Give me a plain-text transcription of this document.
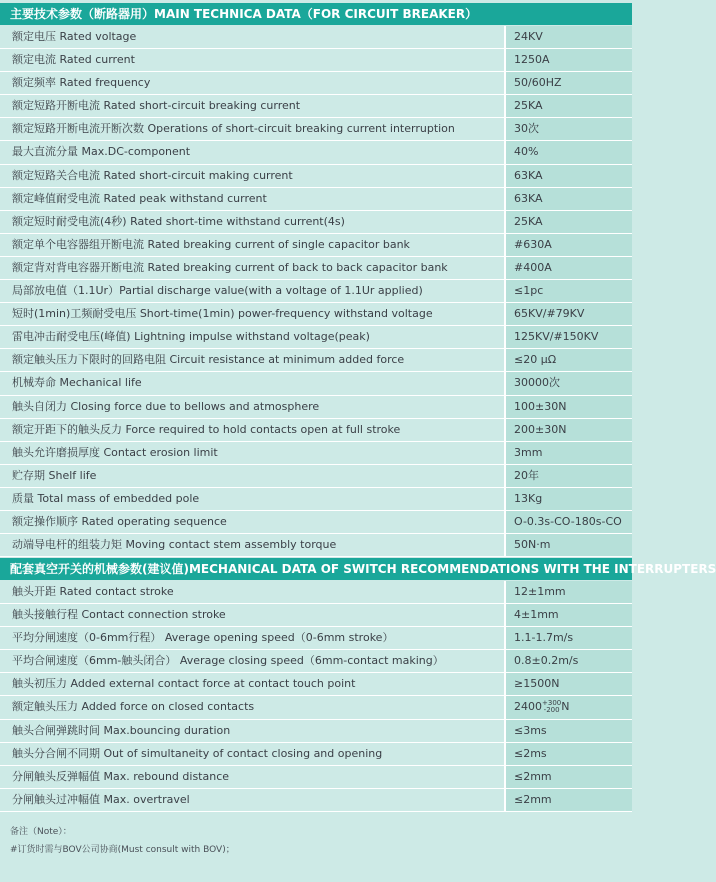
主要技术参数（断路器用）MAIN TECHNICA DATA（FOR CIRCUIT BREAKER）
额定电压 Rated voltage	24KV
额定电流 Rated current	1250A
额定频率 Rated frequency	50/60HZ
额定短路开断电流 Rated short-circuit breaking current	25KA
额定短路开断电流开断次数 Operations of short-circuit breaking current interruption	30次
最大直流分量 Max.DC-component	40%
额定短路关合电流 Rated short-circuit making current	63KA
额定峰值耐受电流 Rated peak withstand current	63KA
额定短时耐受电流(4秒) Rated short-time withstand current(4s)	25KA
额定单个电容器组开断电流 Rated breaking current of single capacitor bank	#630A
额定背对背电容器开断电流 Rated breaking current of back to back capacitor bank	#400A
局部放电值（1.1Ur）Partial discharge value(with a voltage of 1.1Ur applied)	≤1pc
短时(1min)工频耐受电压 Short-time(1min) power-frequency withstand voltage	65KV/#79KV
雷电冲击耐受电压(峰值) Lightning impulse withstand voltage(peak)	125KV/#150KV
额定触头压力下限时的回路电阻 Circuit resistance at minimum added force	≤20 μΩ
机械寿命 Mechanical life	30000次
触头自闭力 Closing force due to bellows and atmosphere	100±30N
额定开距下的触头反力 Force required to hold contacts open at full stroke	200±30N
触头允许磨损厚度 Contact erosion limit	3mm
贮存期 Shelf life	20年
质量 Total mass of embedded pole	13Kg
额定操作顺序 Rated operating sequence	O-0.3s-CO-180s-CO
动端导电杆的组装力矩 Moving contact stem assembly torque	50N·m
配套真空开关的机械参数(建议值)MECHANICAL DATA OF SWITCH RECOMMENDATIONS WITH THE INTERRUPTERS
触头开距 Rated contact stroke	12±1mm
触头接触行程 Contact connection stroke	4±1mm
平均分闸速度（0-6mm行程） Average opening speed（0-6mm stroke）	1.1-1.7m/s
平均合闸速度（6mm-触头闭合） Average closing speed（6mm-contact making）	0.8±0.2m/s
触头初压力 Added external contact force at contact touch point	≥1500N
额定触头压力 Added force on closed contacts	2400 +300
-200 N
触头合闸弹跳时间 Max.bouncing duration	≤3ms
触头分合闸不同期 Out of simultaneity of contact closing and opening	≤2ms
分闸触头反弹幅值 Max. rebound distance	≤2mm
分闸触头过冲幅值 Max. overtravel	≤2mm
备注（Note）：
#订货时需与BOV公司协商(Must consult with BOV)；
